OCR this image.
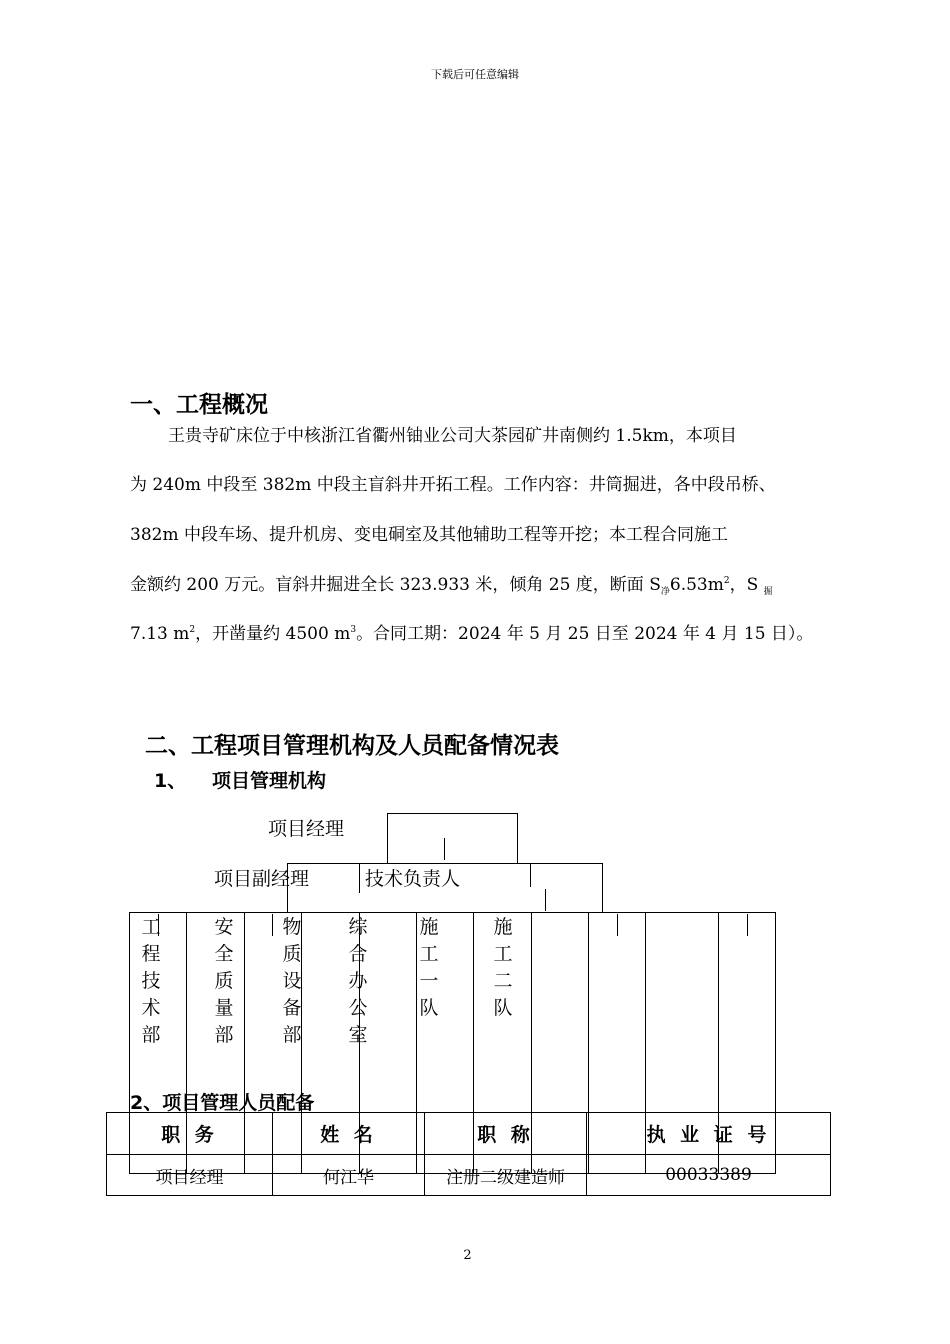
下载后可任意编辑
一、工程概况
王贵寺矿床位于中核浙江省衢州铀业公司大茶园矿井南侧约 1.5km，本项目
为 240m 中段至 382m 中段主盲斜井开拓工程。工作内容：井筒掘进，各中段吊桥、
382m 中段车场、提升机房、变电硐室及其他辅助工程等开挖；本工程合同施工
金额约 200 万元。盲斜井掘进全长 323.933 米，倾角 25 度，断面 $S_净6.53m^2$，S $_掘$
7.13 $m^2$，开凿量约 4500 $m^3$。合同工期：2024 年 5 月 25 日至 2024 年 4 月 15 日）。
二、工程项目管理机构及人员配备情况表
1、 项目管理机构
项目经理
项目副经理	技术负责人
工
程
技
术
部
安
全
质
量
部
物
质
设
备
部
综
合
办
公
室
施
工
一
队
施
工
二
队
2、项目管理人员配备
职 务	姓 名	职 称	执 业 证 号
项目经理	何江华	注册二级建造师	00033389
2
